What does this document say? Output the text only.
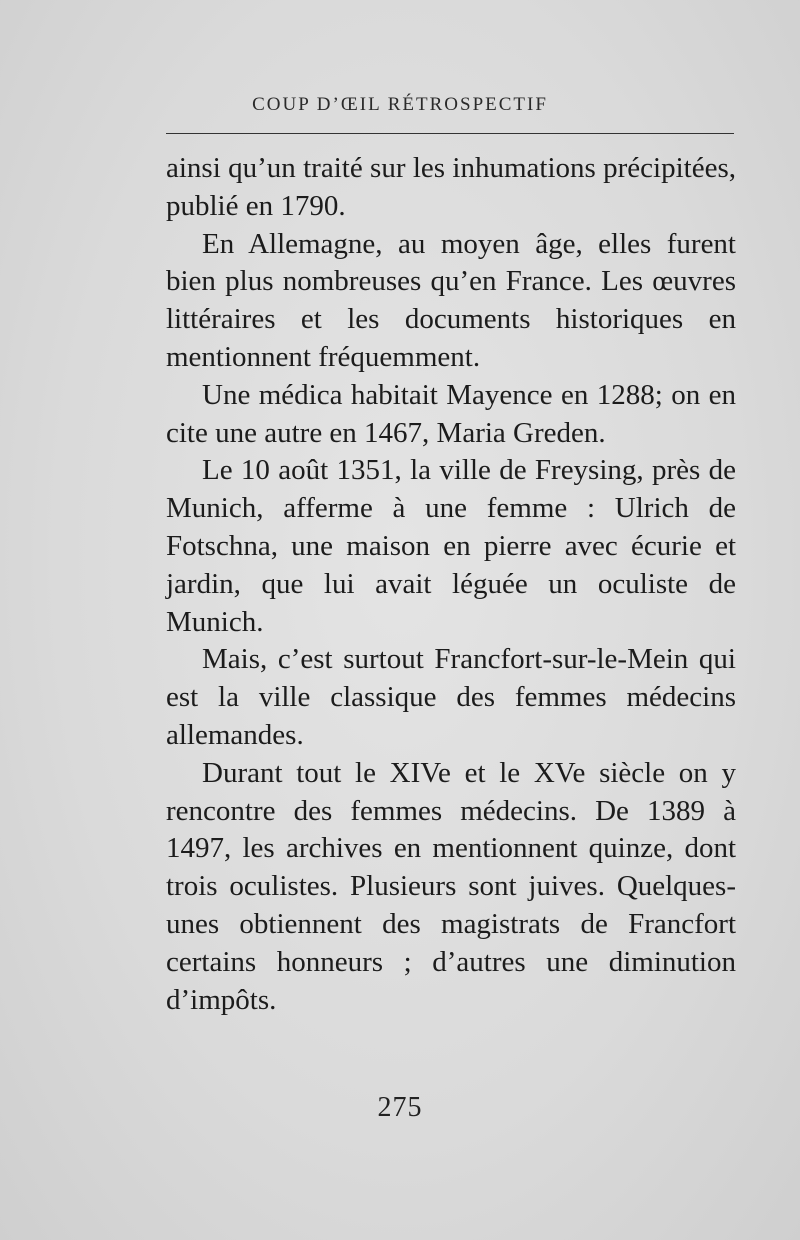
COUP D’ŒIL RÉTROSPECTIF

ainsi qu’un traité sur les inhumations précipitées, publié en 1790.

En Allemagne, au moyen âge, elles furent bien plus nombreuses qu’en France. Les œuvres littéraires et les documents historiques en mentionnent fréquemment.

Une médica habitait Mayence en 1288; on en cite une autre en 1467, Maria Greden.

Le 10 août 1351, la ville de Freysing, près de Munich, afferme à une femme : Ulrich de Fotschna, une maison en pierre avec écurie et jardin, que lui avait léguée un oculiste de Munich.

Mais, c’est surtout Francfort-sur-le-Mein qui est la ville classique des femmes médecins allemandes.

Durant tout le XIVe et le XVe siècle on y rencontre des femmes médecins. De 1389 à 1497, les archives en mentionnent quinze, dont trois oculistes. Plusieurs sont juives. Quelques-unes obtiennent des magistrats de Francfort certains honneurs ; d’autres une diminution d’impôts.

275
